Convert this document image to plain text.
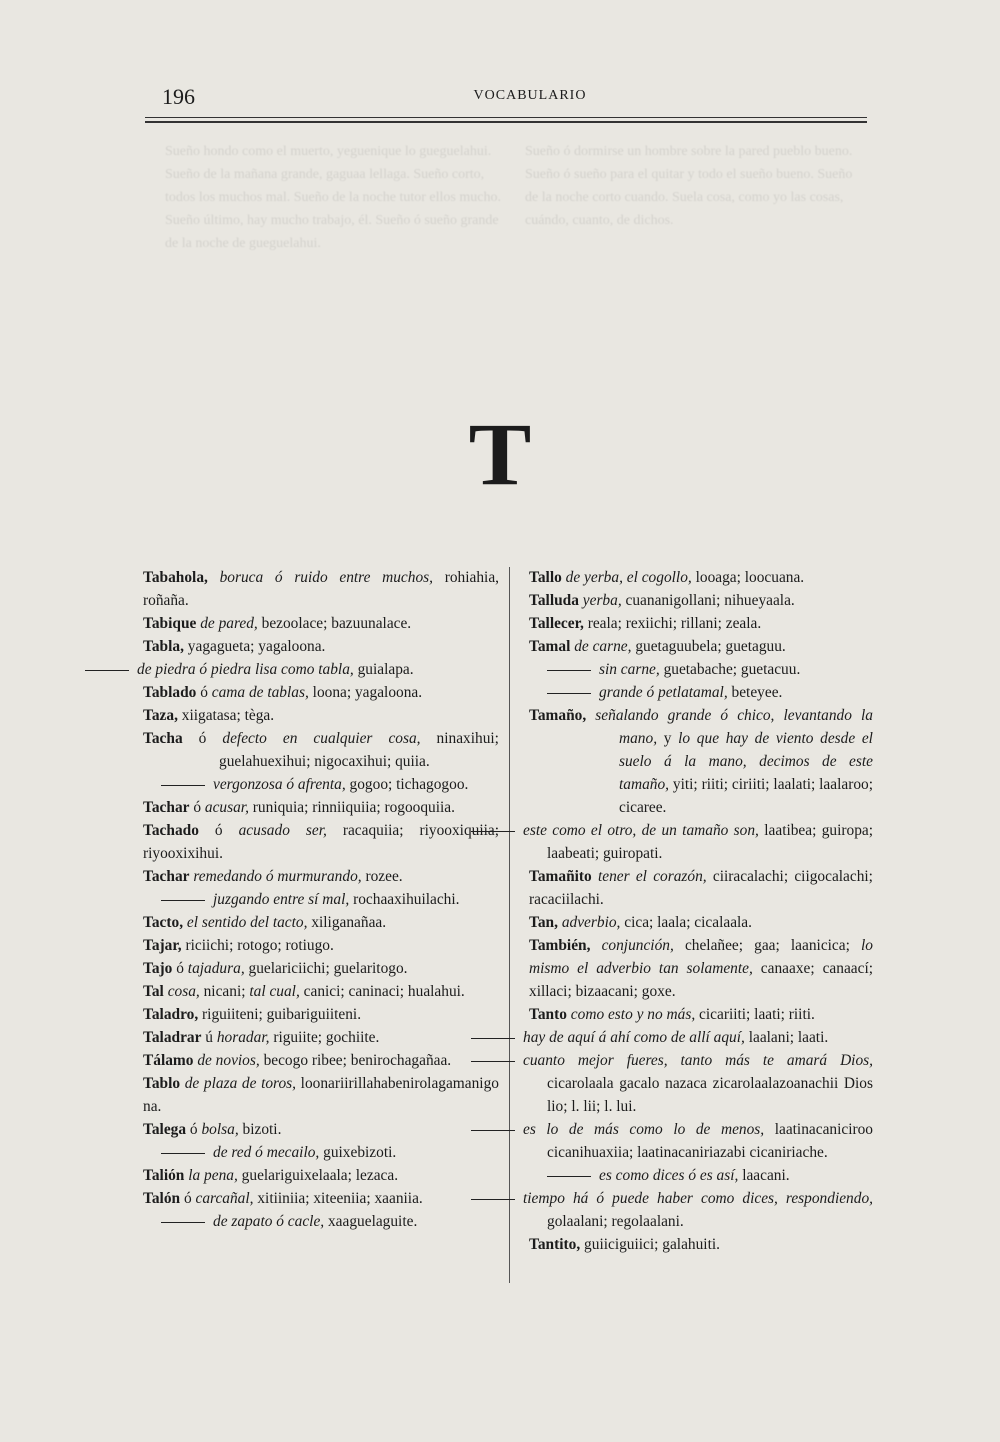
196	VOCABULARIO
Sueño hondo como el muerto, yeguenique lo gueguelahui. Sueño de la mañana grande, gaguaa lellaga. Sueño corto, todos los muchos mal. Sueño de la noche tutor ellos mucho. Sueño último, hay mucho trabajo, él. Sueño ó sueño grande de la noche de gueguelahui.
Sueño ó dormirse un hombre sobre la pared pueblo bueno. Sueño ó sueño para el quitar y todo el sueño bueno. Sueño de la noche corto cuando. Suela cosa, como yo las cosas, cuándo, cuanto, de dichos.
T
Tabahola, boruca ó ruido entre muchos, rohiahia, roñaña.
Tabique de pared, bezoolace; bazuunalace.
Tabla, yagagueta; yagaloona.
de piedra ó piedra lisa como tabla, guialapa.
Tablado ó cama de tablas, loona; yagaloona.
Taza, xiigatasa; tèga.
Tacha ó defecto en cualquier cosa, ninaxihui; guelahuexihui; nigocaxihui; quiia.
vergonzosa ó afrenta, gogoo; tichagogoo.
Tachar ó acusar, runiquia; rinniiquiia; rogooquiia.
Tachado ó acusado ser, racaquiia; riyooxiquiia; riyooxixihui.
Tachar remedando ó murmurando, rozee.
juzgando entre sí mal, rochaaxihuilachi.
Tacto, el sentido del tacto, xiliganañaa.
Tajar, riciichi; rotogo; rotiugo.
Tajo ó tajadura, guelariciichi; guelaritogo.
Tal cosa, nicani; tal cual, canici; caninaci; hualahui.
Taladro, riguiiteni; guibariguiiteni.
Taladrar ú horadar, riguiite; gochiite.
Tálamo de novios, becogo ribee; benirochagañaa.
Tablo de plaza de toros, loonariirillahabenirolagamanigona.
Talega ó bolsa, bizoti.
de red ó mecailo, guixebizoti.
Talión la pena, guelariguixelaala; lezaca.
Talón ó carcañal, xitiiniia; xiteeniia; xaaniia.
de zapato ó cacle, xaaguelaguite.
Tallo de yerba, el cogollo, looaga; loocuana.
Talluda yerba, cuananigollani; nihueyaala.
Tallecer, reala; rexiichi; rillani; zeala.
Tamal de carne, guetaguubela; guetaguu.
sin carne, guetabache; guetacuu.
grande ó petlatamal, beteyee.
Tamaño, señalando grande ó chico, levantando la mano, y lo que hay de viento desde el suelo á la mano, decimos de este tamaño, yiti; riiti; ciriiti; laalati; laalaroo; cicaree.
este como el otro, de un tamaño son, laatibea; guiropa; laabeati; guiropati.
Tamañito tener el corazón, ciiracalachi; ciigocalachi; racaciilachi.
Tan, adverbio, cica; laala; cicalaala.
También, conjunción, chelañee; gaa; laanicica; lo mismo el adverbio tan solamente, canaaxe; canaací; xillaci; bizaacani; goxe.
Tanto como esto y no más, cicariiti; laati; riiti.
hay de aquí á ahí como de allí aquí, laalani; laati.
cuanto mejor fueres, tanto más te amará Dios, cicarolaala gacalo nazaca zicarolaalazoanachii Dios lio; l. lii; l. lui.
es lo de más como lo de menos, laatinacaniciroo cicanihuaxiia; laatinacaniriazabi cicaniriache.
es como dices ó es así, laacani.
tiempo há ó puede haber como dices, respondiendo, golaalani; regolaalani.
Tantito, guiiciguiici; galahuiti.
